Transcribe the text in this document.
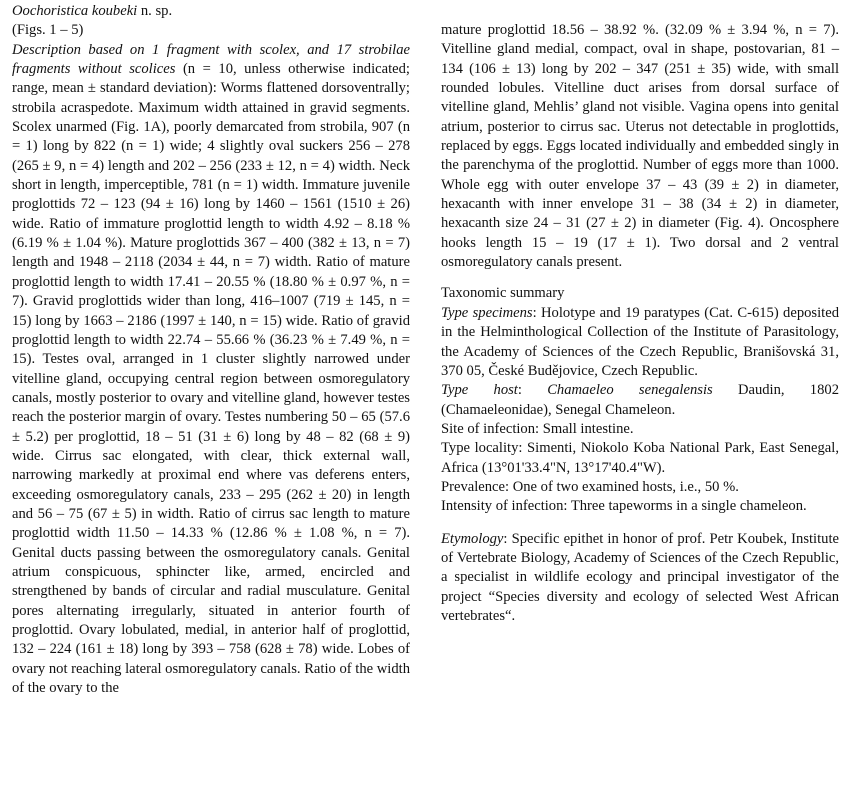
Oochoristica koubeki n. sp.

(Figs. 1 – 5)

Description based on 1 fragment with scolex, and 17 strobilae fragments without scolices (n = 10, unless otherwise indicated; range, mean ± standard deviation): Worms flattened dorsoventrally; strobila acraspedote. Maximum width attained in gravid segments. Scolex unarmed (Fig. 1A), poorly demarcated from strobila, 907 (n = 1) long by 822 (n = 1) wide; 4 slightly oval suckers 256 – 278 (265 ± 9, n = 4) length and 202 – 256 (233 ± 12, n = 4) width. Neck short in length, imperceptible, 781 (n = 1) width. Immature juvenile proglottids 72 – 123 (94 ± 16) long by 1460 – 1561 (1510 ± 26) wide. Ratio of immature proglottid length to width 4.92 – 8.18 % (6.19 % ± 1.04 %). Mature proglottids 367 – 400 (382 ± 13, n = 7) length and 1948 – 2118 (2034 ± 44, n = 7) width. Ratio of mature proglottid length to width 17.41 – 20.55 % (18.80 % ± 0.97 %, n = 7). Gravid proglottids wider than long, 416–1007 (719 ± 145, n = 15) long by 1663 – 2186 (1997 ± 140, n = 15) wide. Ratio of gravid proglottid length to width 22.74 – 55.66 % (36.23 % ± 7.49 %, n = 15). Testes oval, arranged in 1 cluster slightly narrowed under vitelline gland, occupying central region between osmoregulatory canals, mostly posterior to ovary and vitelline gland, however testes reach the posterior margin of ovary. Testes numbering 50 – 65 (57.6 ± 5.2) per proglottid, 18 – 51 (31 ± 6) long by 48 – 82 (68 ± 9) wide. Cirrus sac elongated, with clear, thick external wall, narrowing markedly at proximal end where vas deferens enters, exceeding osmoregulatory canals, 233 – 295 (262 ± 20) in length and 56 – 75 (67 ± 5) in width. Ratio of cirrus sac length to mature proglottid width 11.50 – 14.33 % (12.86 % ± 1.08 %, n = 7). Genital ducts passing between the osmoregulatory canals. Genital atrium conspicuous, sphincter like, armed, encircled and strengthened by bands of circular and radial musculature. Genital pores alternating irregularly, situated in anterior fourth of proglottid. Ovary lobulated, medial, in anterior half of proglottid, 132 – 224 (161 ± 18) long by 393 – 758 (628 ± 78) wide. Lobes of ovary not reaching lateral osmoregulatory canals. Ratio of the width of the ovary to the

mature proglottid 18.56 – 38.92 %. (32.09 % ± 3.94 %, n = 7). Vitelline gland medial, compact, oval in shape, postovarian, 81 – 134 (106 ± 13) long by 202 – 347 (251 ± 35) wide, with small rounded lobules. Vitelline duct arises from dorsal surface of vitelline gland, Mehlis’ gland not visible. Vagina opens into genital atrium, posterior to cirrus sac. Uterus not detectable in proglottids, replaced by eggs. Eggs located individually and embedded singly in the parenchyma of the proglottid. Number of eggs more than 1000. Whole egg with outer envelope 37 – 43 (39 ± 2) in diameter, hexacanth with inner envelope 31 – 38 (34 ± 2) in diameter, hexacanth size 24 – 31 (27 ± 2) in diameter (Fig. 4). Oncosphere hooks length 15 – 19 (17 ± 1). Two dorsal and 2 ventral osmoregulatory canals present.

Taxonomic summary

Type specimens: Holotype and 19 paratypes (Cat. C-615) deposited in the Helminthological Collection of the Institute of Parasitology, the Academy of Sciences of the Czech Republic, Branišovská 31, 370 05, České Budějovice, Czech Republic.

Type host: Chamaeleo senegalensis Daudin, 1802 (Chamaeleonidae), Senegal Chameleon.

Site of infection: Small intestine.

Type locality: Simenti, Niokolo Koba National Park, East Senegal, Africa (13°01'33.4"N, 13°17'40.4"W).

Prevalence: One of two examined hosts, i.e., 50 %.

Intensity of infection: Three tapeworms in a single chameleon.

Etymology: Specific epithet in honor of prof. Petr Koubek, Institute of Vertebrate Biology, Academy of Sciences of the Czech Republic, a specialist in wildlife ecology and principal investigator of the project “Species diversity and ecology of selected West African vertebrates“.
